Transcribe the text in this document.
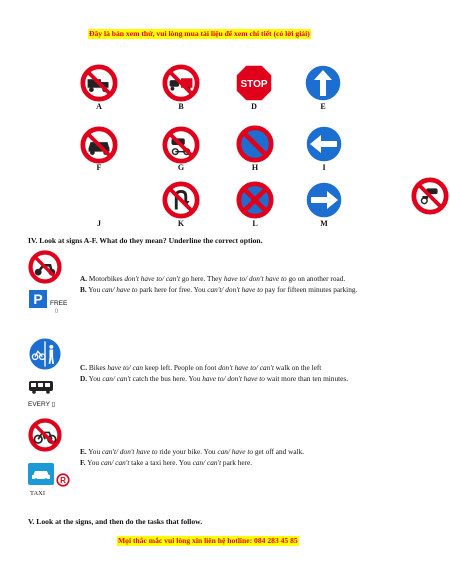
Đây là bản xem thử, vui lòng mua tài liệu để xem chi tiết (có lời giải)
A	B
STOP
D	E
F	G	H	I
K	L	M
J
IV. Look at signs A-F. What do they mean? Underline the correct option.
P	FREE
▯
A. Motorbikes don't have to/ can't go here. They have to/ don't have to go on another road.
B. You can/ have to park here for free. You can't/ don't have to pay for fifteen minutes parking.
EVERY ▯
C. Bikes have to/ can keep left. People on foot don't have to/ can't walk on the left
D. You can/ can't catch the bus here. You have to/ don't have to wait more than ten minutes.
R
TAXI
E. You can't/ don't have to ride your bike. You can/ have to get off and walk.
F. You can/ can't take a taxi here. You can/ can't park here.
V. Look at the signs, and then do the tasks that follow.
Mọi thắc mắc vui lòng xin liên hệ hotline: 084 283 45 85
